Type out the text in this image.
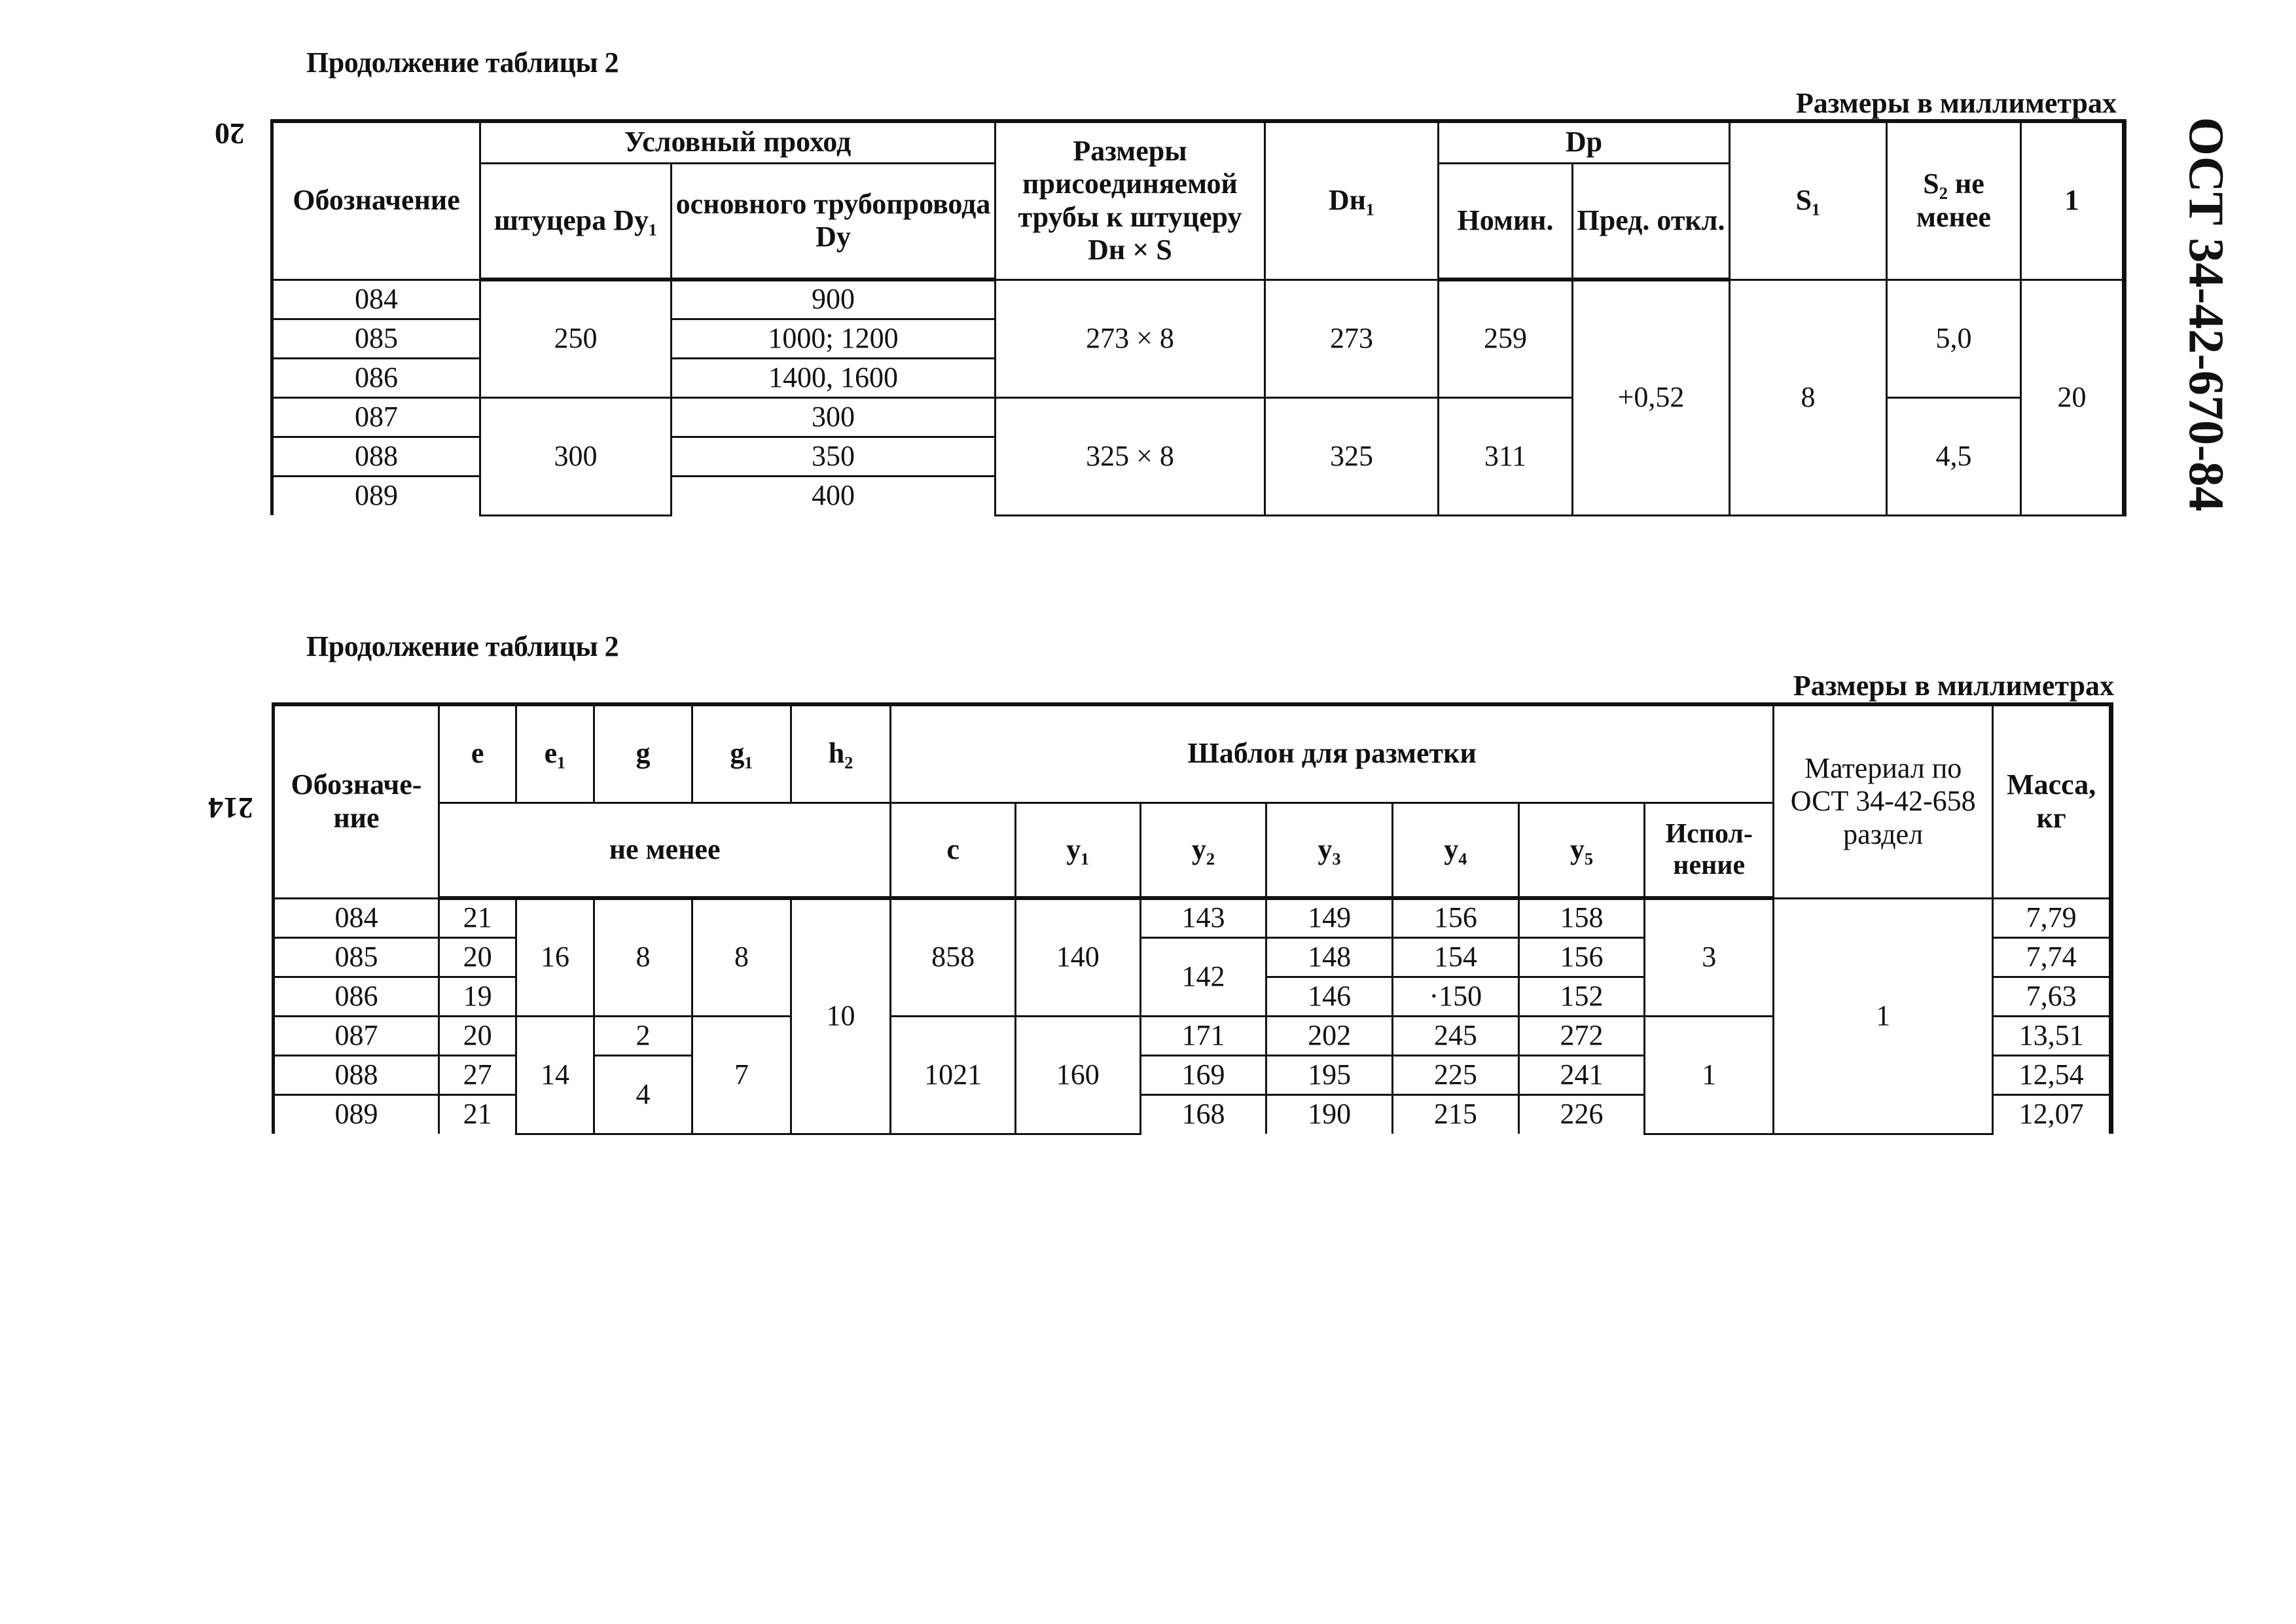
20
214
ОСТ 34-42-670-84
Продолжение таблицы 2
Размеры в миллиметрах
Обозначение	Условный проход		Размеры присоединяемой трубы к штуцеру Dн × S	Dн₁	Dр		S₁	S₂ не менее	1
	штуцера Dy₁	основного трубопровода Dy			Номин.	Пред. откл.			
084	250	900	273 × 8	273	259	+0,52	8	5,0	20
085		1000; 1200							
086		1400, 1600							
087	300	300	325 × 8	325	311			4,5	
088		350							
089		400							
Продолжение таблицы 2
Размеры в миллиметрах
Обозначе-ние	e	e₁	g	g₁	h₂	Шаблон для разметки							Материал по ОСТ 34-42-658 раздел	Масса, кг
	не менее					c	y₁	y₂	y₃	y₄	y₅	Испол-нение		
084	21	16	8	8	10	858	140	143	149	156	158	3	1	7,79
085	20							142	148	154	156			7,74
086	19								146	·150	152			7,63
087	20	14	2	7		1021	160	171	202	245	272	1		13,51
088	27		4					169	195	225	241			12,54
089	21							168	190	215	226			12,07
